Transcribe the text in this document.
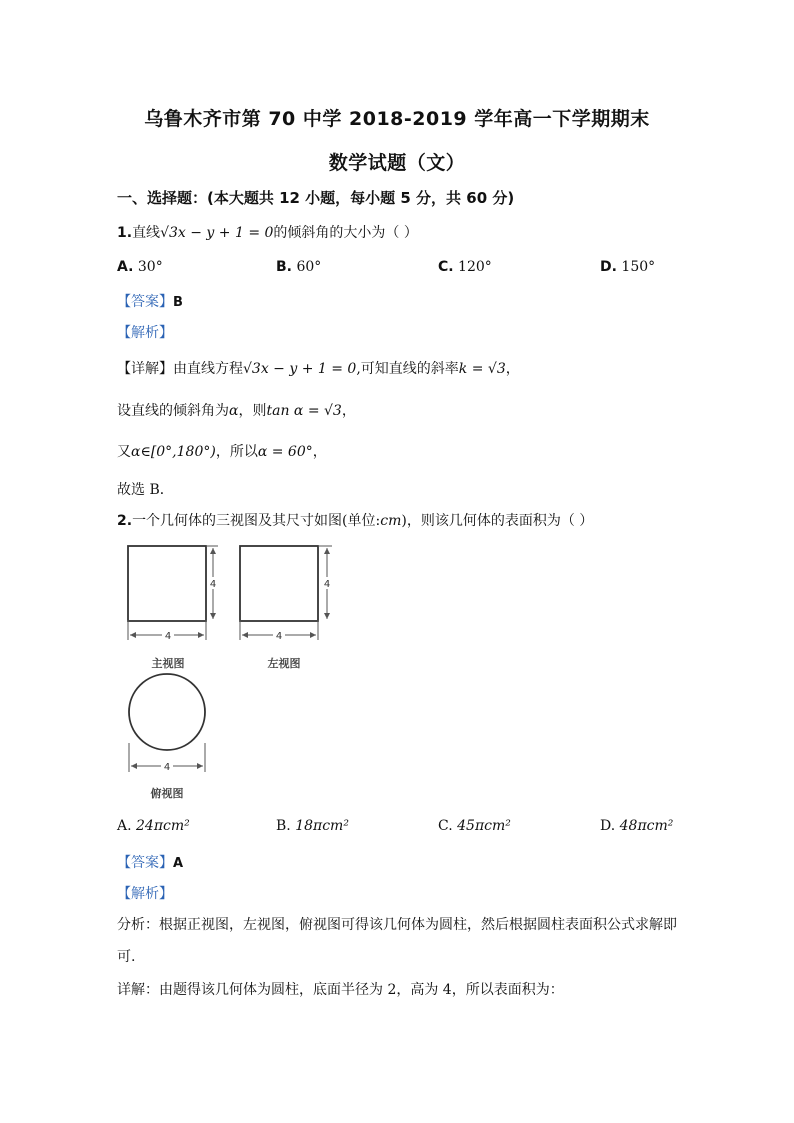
乌鲁木齐市第 70 中学 2018-2019 学年高一下学期期末
数学试题（文）
一、选择题：(本大题共 12 小题，每小题 5 分，共 60 分)
1.直线√3x − y + 1 = 0的倾斜角的大小为（ ）
A. 30°	B. 60°	C. 120°	D. 150°
【答案】B
【解析】
【详解】由直线方程√3x − y + 1 = 0,可知直线的斜率k = √3，
设直线的倾斜角为α，则tan α = √3，
又α∈[0°,180°)，所以α = 60°，
故选 B．
2.一个几何体的三视图及其尺寸如图(单位:cm)，则该几何体的表面积为（ ）
4
4
主视图
4
4
左视图
4
俯视图
A. 24πcm²	B. 18πcm²	C. 45πcm²	D. 48πcm²
【答案】A
【解析】
分析：根据正视图，左视图，俯视图可得该几何体为圆柱，然后根据圆柱表面积公式求解即
可.
详解：由题得该几何体为圆柱，底面半径为 2，高为 4，所以表面积为：
